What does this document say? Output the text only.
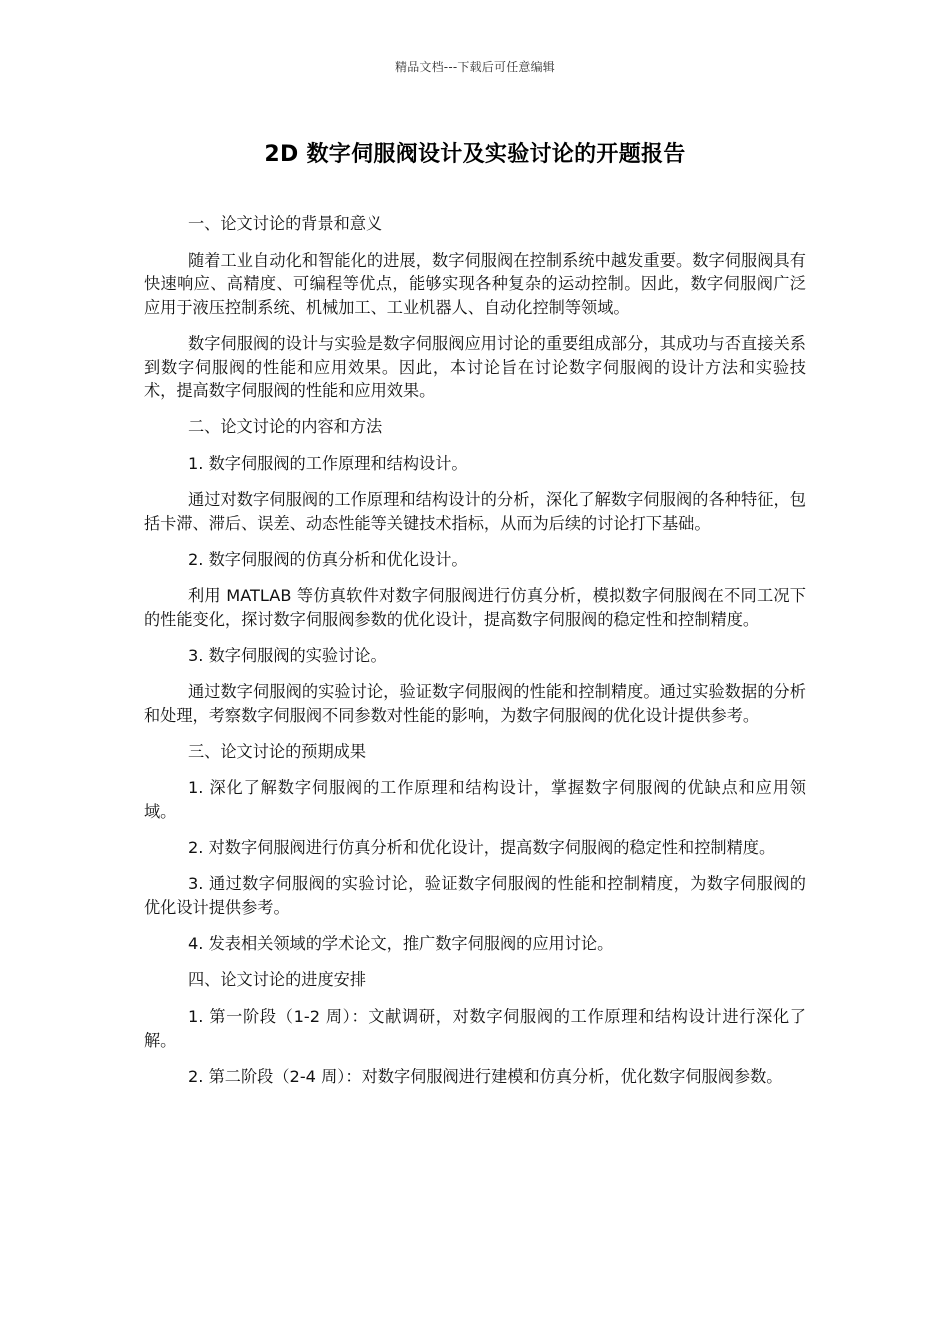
精品文档---下载后可任意编辑
2D 数字伺服阀设计及实验讨论的开题报告

一、论文讨论的背景和意义

随着工业自动化和智能化的进展，数字伺服阀在控制系统中越发重要。数字伺服阀具有快速响应、高精度、可编程等优点，能够实现各种复杂的运动控制。因此，数字伺服阀广泛应用于液压控制系统、机械加工、工业机器人、自动化控制等领域。

数字伺服阀的设计与实验是数字伺服阀应用讨论的重要组成部分，其成功与否直接关系到数字伺服阀的性能和应用效果。因此，本讨论旨在讨论数字伺服阀的设计方法和实验技术，提高数字伺服阀的性能和应用效果。

二、论文讨论的内容和方法

1. 数字伺服阀的工作原理和结构设计。

通过对数字伺服阀的工作原理和结构设计的分析，深化了解数字伺服阀的各种特征，包括卡滞、滞后、误差、动态性能等关键技术指标，从而为后续的讨论打下基础。

2. 数字伺服阀的仿真分析和优化设计。

利用 MATLAB 等仿真软件对数字伺服阀进行仿真分析，模拟数字伺服阀在不同工况下的性能变化，探讨数字伺服阀参数的优化设计，提高数字伺服阀的稳定性和控制精度。

3. 数字伺服阀的实验讨论。

通过数字伺服阀的实验讨论，验证数字伺服阀的性能和控制精度。通过实验数据的分析和处理，考察数字伺服阀不同参数对性能的影响，为数字伺服阀的优化设计提供参考。

三、论文讨论的预期成果

1. 深化了解数字伺服阀的工作原理和结构设计，掌握数字伺服阀的优缺点和应用领域。

2. 对数字伺服阀进行仿真分析和优化设计，提高数字伺服阀的稳定性和控制精度。

3. 通过数字伺服阀的实验讨论，验证数字伺服阀的性能和控制精度，为数字伺服阀的优化设计提供参考。

4. 发表相关领域的学术论文，推广数字伺服阀的应用讨论。

四、论文讨论的进度安排

1. 第一阶段（1-2 周）：文献调研，对数字伺服阀的工作原理和结构设计进行深化了解。

2. 第二阶段（2-4 周）：对数字伺服阀进行建模和仿真分析，优化数字伺服阀参数。
